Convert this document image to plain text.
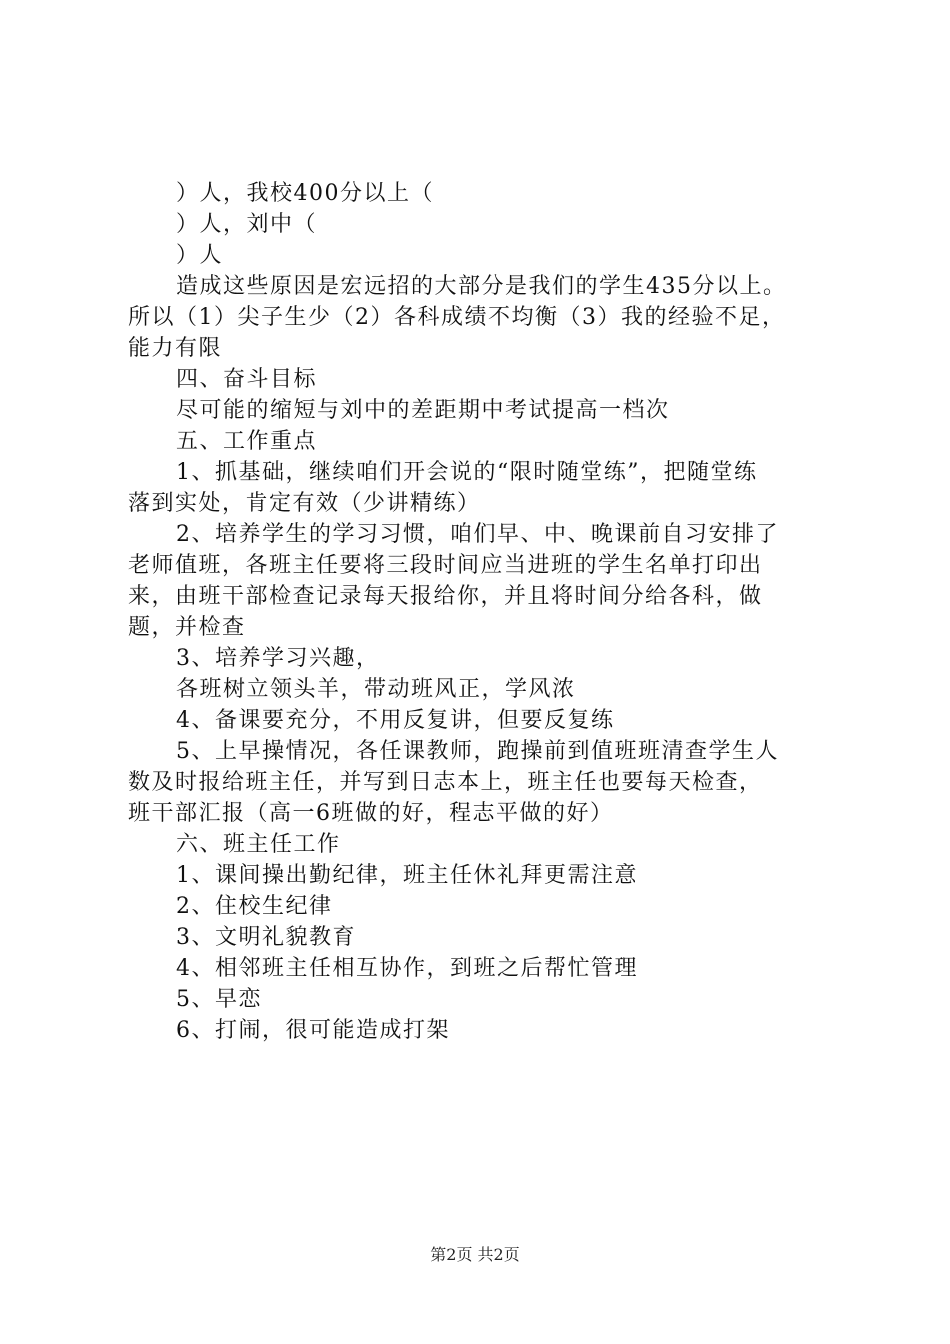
）人，我校400分以上（
）人，刘中（
）人
造成这些原因是宏远招的大部分是我们的学生435分以上。
所以（1）尖子生少（2）各科成绩不均衡（3）我的经验不足，
能力有限
四、奋斗目标
尽可能的缩短与刘中的差距期中考试提高一档次
五、工作重点
1、抓基础，继续咱们开会说的“限时随堂练”，把随堂练
落到实处，肯定有效（少讲精练）
2、培养学生的学习习惯，咱们早、中、晚课前自习安排了
老师值班，各班主任要将三段时间应当进班的学生名单打印出
来，由班干部检查记录每天报给你，并且将时间分给各科，做
题，并检查
3、培养学习兴趣，
各班树立领头羊，带动班风正，学风浓
4、备课要充分，不用反复讲，但要反复练
5、上早操情况，各任课教师，跑操前到值班班清查学生人
数及时报给班主任，并写到日志本上，班主任也要每天检查，
班干部汇报（高一6班做的好，程志平做的好）
六、班主任工作
1、课间操出勤纪律，班主任休礼拜更需注意
2、住校生纪律
3、文明礼貌教育
4、相邻班主任相互协作，到班之后帮忙管理
5、早恋
6、打闹，很可能造成打架
第2页 共2页
